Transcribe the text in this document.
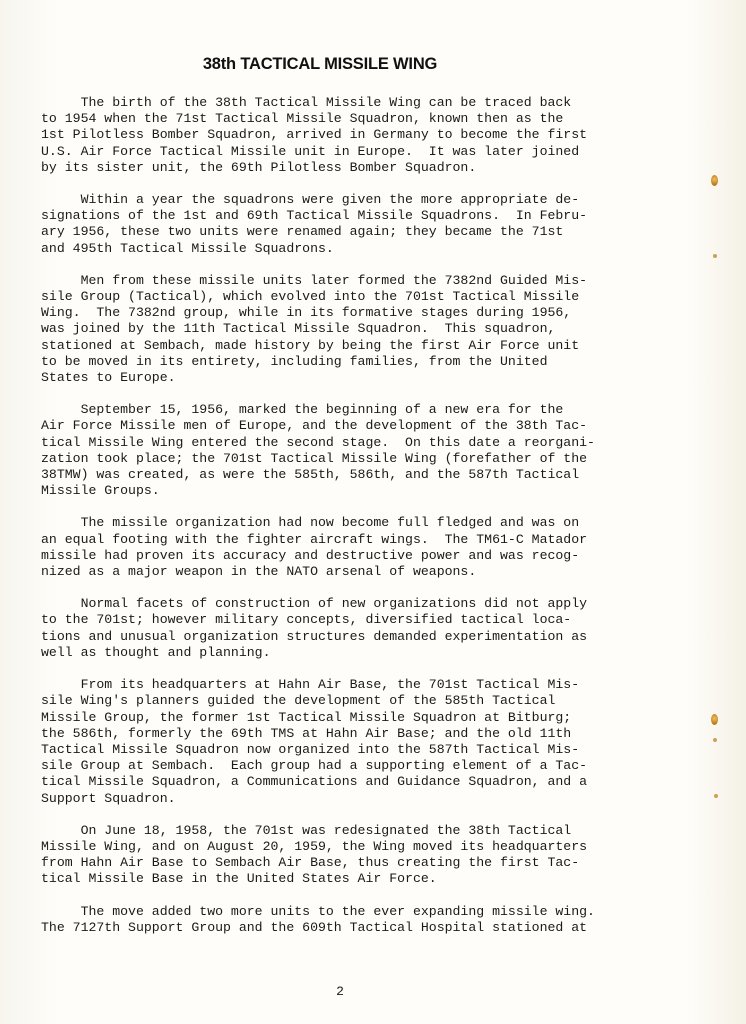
38th TACTICAL MISSILE WING
The birth of the 38th Tactical Missile Wing can be traced back
to 1954 when the 71st Tactical Missile Squadron, known then as the
1st Pilotless Bomber Squadron, arrived in Germany to become the first
U.S. Air Force Tactical Missile unit in Europe.  It was later joined
by its sister unit, the 69th Pilotless Bomber Squadron.
Within a year the squadrons were given the more appropriate de-
signations of the 1st and 69th Tactical Missile Squadrons.  In Febru-
ary 1956, these two units were renamed again; they became the 71st
and 495th Tactical Missile Squadrons.
Men from these missile units later formed the 7382nd Guided Mis-
sile Group (Tactical), which evolved into the 701st Tactical Missile
Wing.  The 7382nd group, while in its formative stages during 1956,
was joined by the 11th Tactical Missile Squadron.  This squadron,
stationed at Sembach, made history by being the first Air Force unit
to be moved in its entirety, including families, from the United
States to Europe.
September 15, 1956, marked the beginning of a new era for the
Air Force Missile men of Europe, and the development of the 38th Tac-
tical Missile Wing entered the second stage.  On this date a reorgani-
zation took place; the 701st Tactical Missile Wing (forefather of the
38TMW) was created, as were the 585th, 586th, and the 587th Tactical
Missile Groups.
The missile organization had now become full fledged and was on
an equal footing with the fighter aircraft wings.  The TM61-C Matador
missile had proven its accuracy and destructive power and was recog-
nized as a major weapon in the NATO arsenal of weapons.
Normal facets of construction of new organizations did not apply
to the 701st; however military concepts, diversified tactical loca-
tions and unusual organization structures demanded experimentation as
well as thought and planning.
From its headquarters at Hahn Air Base, the 701st Tactical Mis-
sile Wing's planners guided the development of the 585th Tactical
Missile Group, the former 1st Tactical Missile Squadron at Bitburg;
the 586th, formerly the 69th TMS at Hahn Air Base; and the old 11th
Tactical Missile Squadron now organized into the 587th Tactical Mis-
sile Group at Sembach.  Each group had a supporting element of a Tac-
tical Missile Squadron, a Communications and Guidance Squadron, and a
Support Squadron.
On June 18, 1958, the 701st was redesignated the 38th Tactical
Missile Wing, and on August 20, 1959, the Wing moved its headquarters
from Hahn Air Base to Sembach Air Base, thus creating the first Tac-
tical Missile Base in the United States Air Force.
The move added two more units to the ever expanding missile wing.
The 7127th Support Group and the 609th Tactical Hospital stationed at
2
